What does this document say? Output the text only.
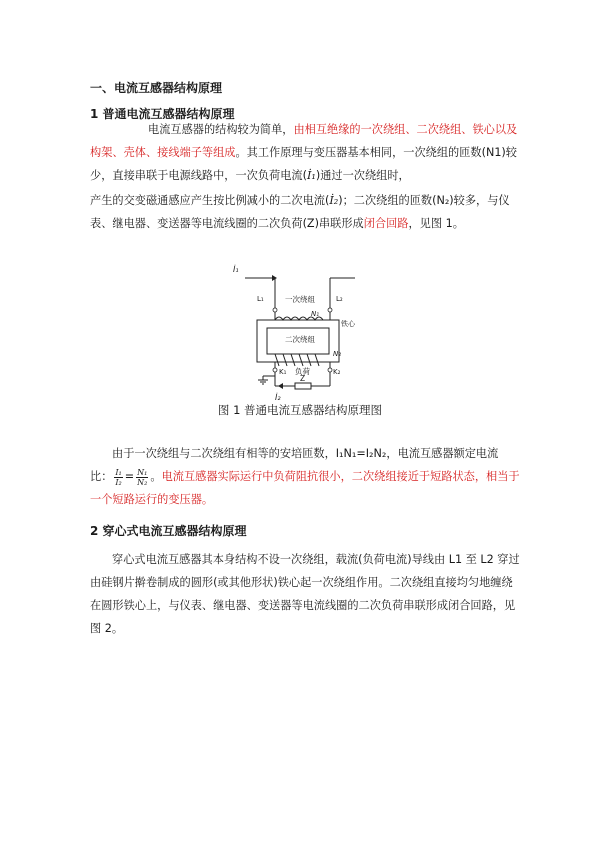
一、电流互感器结构原理
1 普通电流互感器结构原理
电流互感器的结构较为简单，由相互绝缘的一次绕组、二次绕组、铁心以及构架、壳体、接线端子等组成。其工作原理与变压器基本相同，一次绕组的匝数(N1)较少，直接串联于电源线路中，一次负荷电流(İ₁)通过一次绕组时，
产生的交变磁通感应产生按比例减小的二次电流(İ₂)；二次绕组的匝数(N₂)较多，与仪表、继电器、变送器等电流线圈的二次负荷(Z)串联形成闭合回路，见图 1。
İ₁
L₁	L₂
一次绕组
N₁
二次绕组
铁心
N₂
K₁	K₂
负荷
Z
İ₂
图 1 普通电流互感器结构原理图
由于一次绕组与二次绕组有相等的安培匝数，I₁N₁=I₂N₂，电流互感器额定电流比： $\frac{\text{I₁}}{\text{I₂}} = \frac{\text{N₁}}{\text{N₂}}$ 。电流互感器实际运行中负荷阻抗很小，二次绕组接近于短路状态，相当于一个短路运行的变压器。
2 穿心式电流互感器结构原理
穿心式电流互感器其本身结构不设一次绕组，载流(负荷电流)导线由 L1 至 L2 穿过由硅钢片擀卷制成的圆形(或其他形状)铁心起一次绕组作用。二次绕组直接均匀地缠绕在圆形铁心上，与仪表、继电器、变送器等电流线圈的二次负荷串联形成闭合回路，见图 2。
